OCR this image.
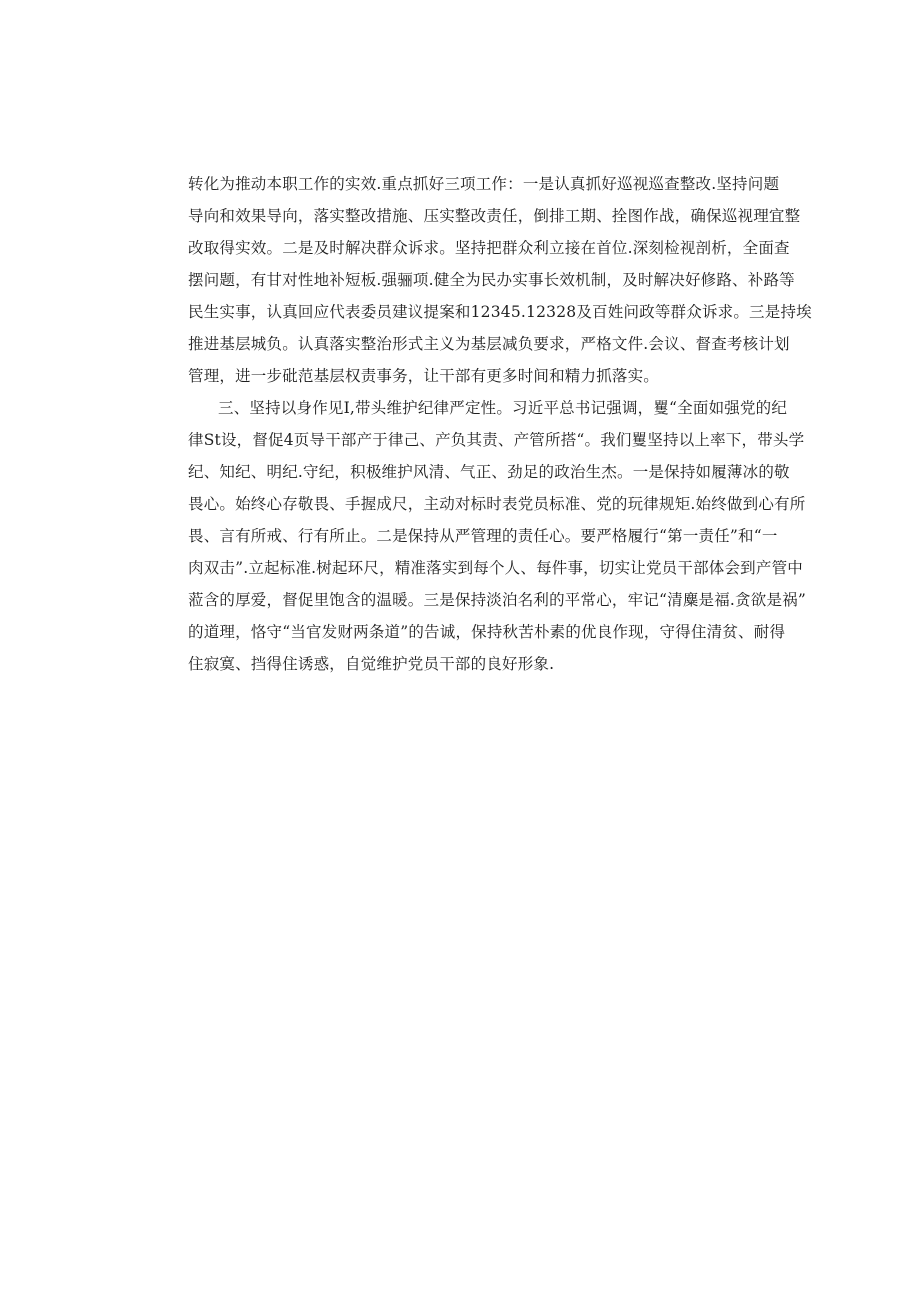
转化为推动本职工作的实效.重点抓好三项工作：一是认真抓好巡视巡查整改.坚持问题
导向和效果导向，落实整改措施、压实整改责任，倒排工期、拴图作战，确保巡视理宜整
改取得实效。二是及时解决群众诉求。坚持把群众利立接在首位.深刻检视剖析，全面查
摆问题，有甘对性地补短板.强骊项.健全为民办实事长效机制，及时解决好修路、补路等
民生实事，认真回应代表委员建议提案和12345.12328及百姓问政等群众诉求。三是持埃
推进基层城负。认真落实整治形式主义为基层减负要求，严格文件.会议、督查考核计划
管理，进一步砒范基层权责事务，让干部有更多时间和精力抓落实。
三、坚持以身作见I,带头维护纪律严定性。习近平总书记强调，矍“全面如强党的纪
律St设，督促4页导干部产于律己、产负其责、产管所搭“。我们矍坚持以上率下，带头学
纪、知纪、明纪.守纪，积极维护风清、气正、劲足的政治生杰。一是保持如履薄冰的敬
畏心。始终心存敬畏、手握成尺，主动对标时表党员标准、党的玩律规矩.始终做到心有所
畏、言有所戒、行有所止。二是保持从严管理的责任心。要严格履行“第一责任”和“一
肉双击”.立起标准.树起环尺，精准落实到每个人、每件事，切实让党员干部体会到产管中
蒞含的厚爱，督促里饱含的温暖。三是保持淡泊名利的平常心，牢记“清麋是福.贪欲是祸”
的道理，恪守“当官发财两条道”的告诚，保持秋苦朴素的优良作现，守得住清贫、耐得
住寂寞、挡得住诱惑，自觉维护党员干部的良好形象.
